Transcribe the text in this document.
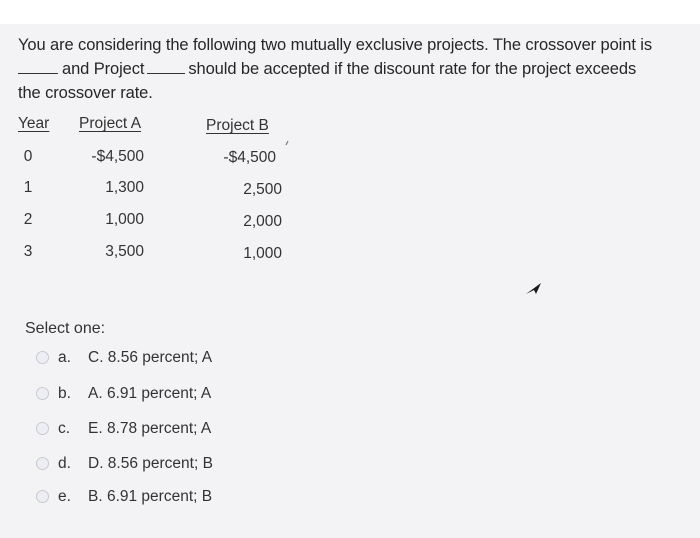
You are considering the following two mutually exclusive projects. The crossover point is
and Project	should be accepted if the discount rate for the project exceeds
the crossover rate.
Year Project A	Project B
0	-$4,500	-$4,500
1	1,300	2,500
2	1,000	2,000
3	3,500	1,000
Select one:
a. C. 8.56 percent; A
b. A. 6.91 percent; A
c. E. 8.78 percent; A
d. D. 8.56 percent; B
e. B. 6.91 percent; B
